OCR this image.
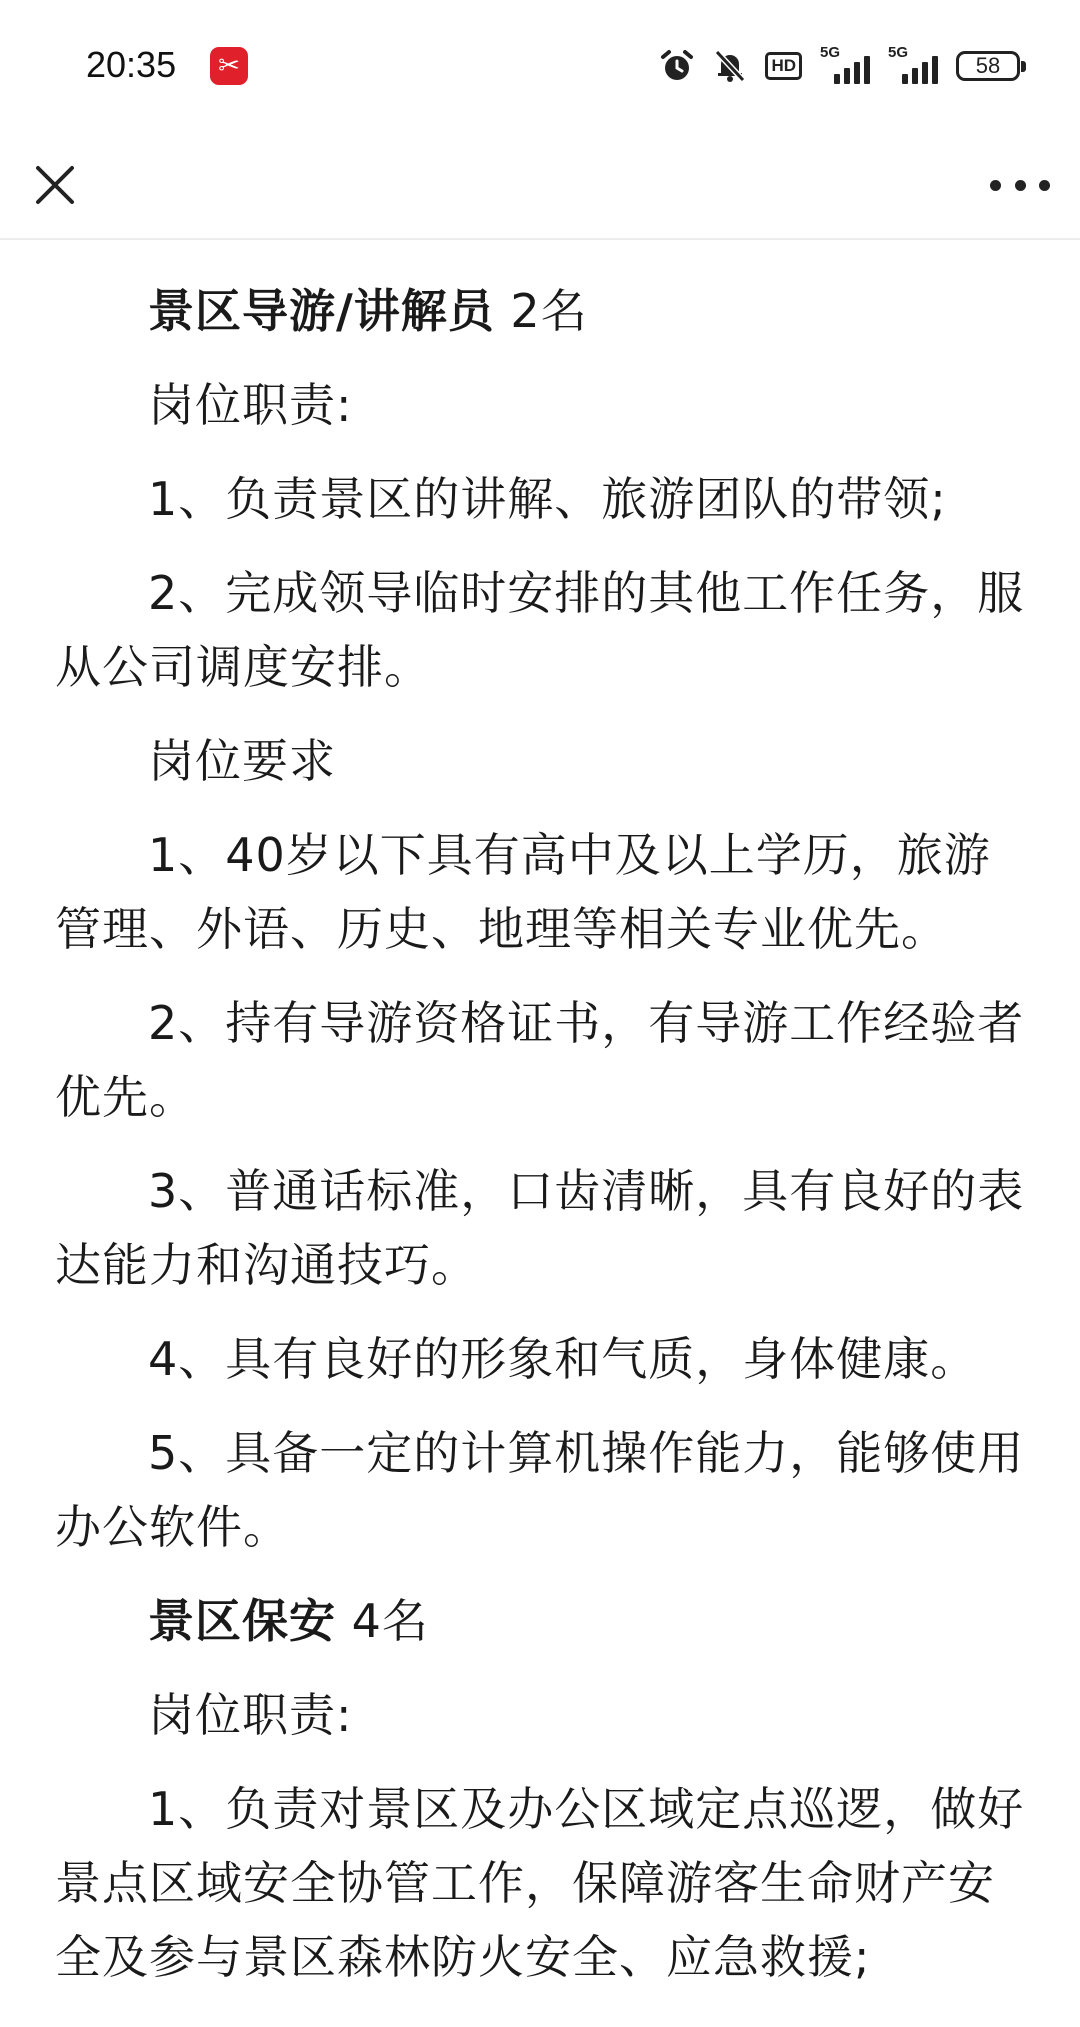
20:35	✂	HD
5G	5G
58

景区导游/讲解员 2名

岗位职责:

1、负责景区的讲解、旅游团队的带领;

2、完成领导临时安排的其他工作任务，服从公司调度安排。

岗位要求

1、40岁以下具有高中及以上学历，旅游管理、外语、历史、地理等相关专业优先。

2、持有导游资格证书，有导游工作经验者优先。

3、普通话标准，口齿清晰，具有良好的表达能力和沟通技巧。

4、具有良好的形象和气质，身体健康。

5、具备一定的计算机操作能力，能够使用办公软件。

景区保安 4名

岗位职责:

1、负责对景区及办公区域定点巡逻，做好景点区域安全协管工作，保障游客生命财产安全及参与景区森林防火安全、应急救援;
